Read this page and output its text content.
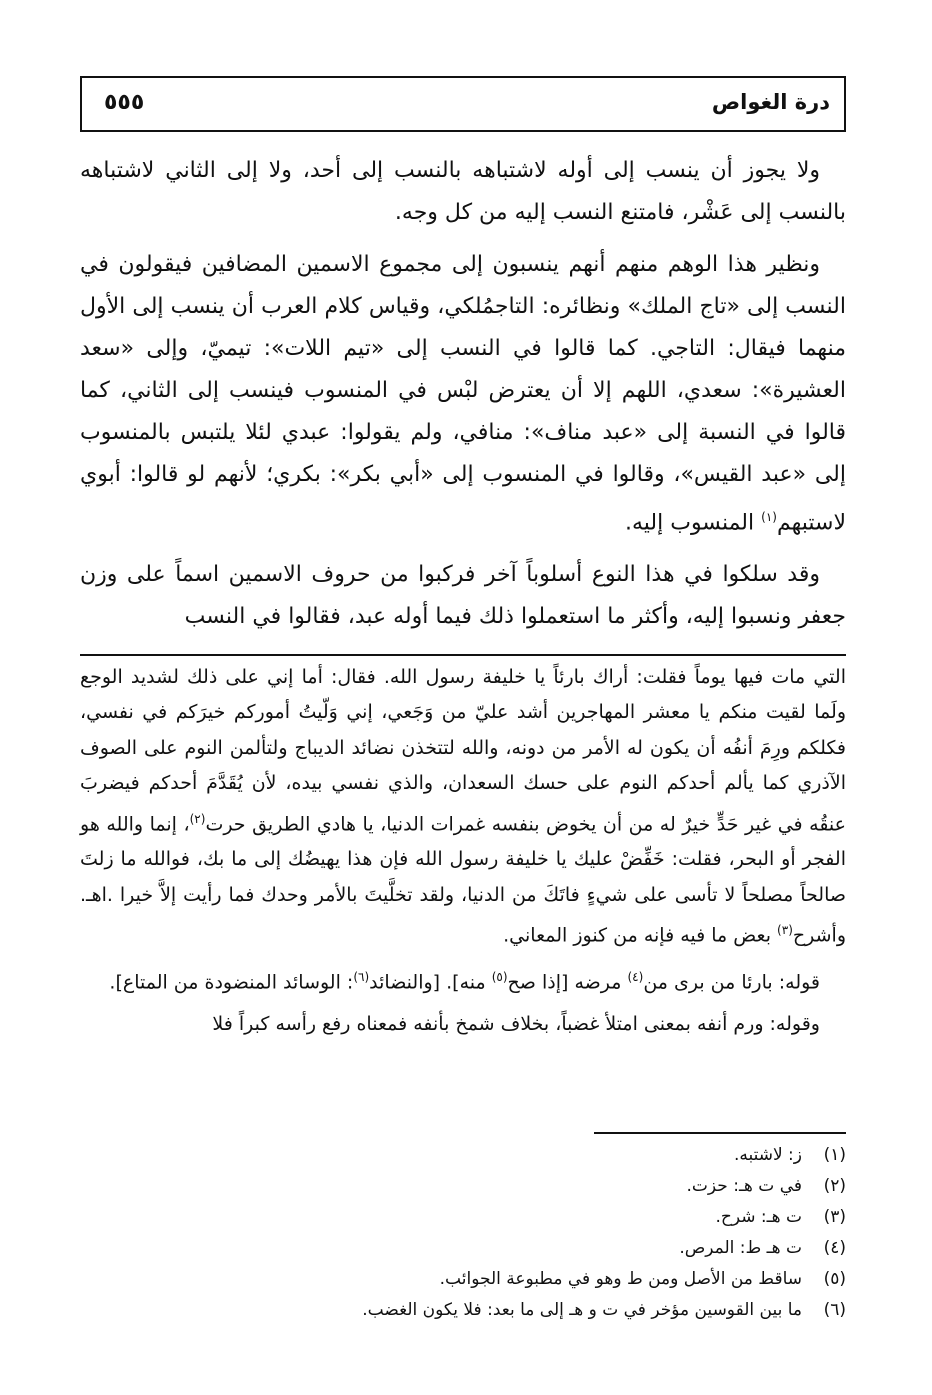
درة الغواص
٥٥٥

ولا يجوز أن ينسب إلى أوله لاشتباهه بالنسب إلى أحد، ولا إلى الثاني لاشتباهه بالنسب إلى عَشْر، فامتنع النسب إليه من كل وجه.

ونظير هذا الوهم منهم أنهم ينسبون إلى مجموع الاسمين المضافين فيقولون في النسب إلى «تاج الملك» ونظائره: التاجمُلكي، وقياس كلام العرب أن ينسب إلى الأول منهما فيقال: التاجي. كما قالوا في النسب إلى «تيم اللات»: تيميّ، وإلى «سعد العشيرة»: سعدي، اللهم إلا أن يعترض لبْس في المنسوب فينسب إلى الثاني، كما قالوا في النسبة إلى «عبد مناف»: منافي، ولم يقولوا: عبدي لئلا يلتبس بالمنسوب إلى «عبد القيس»، وقالوا في المنسوب إلى «أبي بكر»: بكري؛ لأنهم لو قالوا: أبوي لاستبهم$^{(١)}$ المنسوب إليه.

وقد سلكوا في هذا النوع أسلوباً آخر فركبوا من حروف الاسمين اسماً على وزن جعفر ونسبوا إليه، وأكثر ما استعملوا ذلك فيما أوله عبد، فقالوا في النسب

التي مات فيها يوماً فقلت: أراك بارئاً يا خليفة رسول الله. فقال: أما إني على ذلك لشديد الوجع ولَما لقيت منكم يا معشر المهاجرين أشد عليّ من وَجَعي، إني وَلّيتُ أموركم خيرَكم في نفسي، فكلكم ورِمَ أنفُه أن يكون له الأمر من دونه، والله لتتخذن نضائد الديباج ولتألمن النوم على الصوف الآذري كما يألم أحدكم النوم على حسك السعدان، والذي نفسي بيده، لأن يُقَدَّمَ أحدكم فيضربَ عنقُه في غير حَدٍّ خيرٌ له من أن يخوض بنفسه غمرات الدنيا، يا هادي الطريق حرت$^{(٢)}$، إنما والله هو الفجر أو البحر، فقلت: خَفِّضْ عليك يا خليفة رسول الله فإن هذا يهيضُك إلى ما بك، فوالله ما زلتَ صالحاً مصلحاً لا تأسى على شيءٍ فاتَكَ من الدنيا، ولقد تخلَّيتَ بالأمر وحدك فما رأيت إلاَّ خيرا .اهـ. وأشرح$^{(٣)}$ بعض ما فيه فإنه من كنوز المعاني.

قوله: بارئا من برى من$^{(٤)}$ مرضه [إذا صح$^{(٥)}$ منه]. [والنضائد$^{(٦)}$: الوسائد المنضودة من المتاع].

وقوله: ورم أنفه بمعنى امتلأ غضباً، بخلاف شمخ بأنفه فمعناه رفع رأسه كبراً فلا

(١)
ز: لاشتبه.
(٢)
في ت هـ: حزت.
(٣)
ت هـ: شرح.
(٤)
ت هـ ط: المرص.
(٥)
ساقط من الأصل ومن ط وهو في مطبوعة الجوائب.
(٦)
ما بين القوسين مؤخر في ت و هـ إلى ما بعد: فلا يكون الغضب.
